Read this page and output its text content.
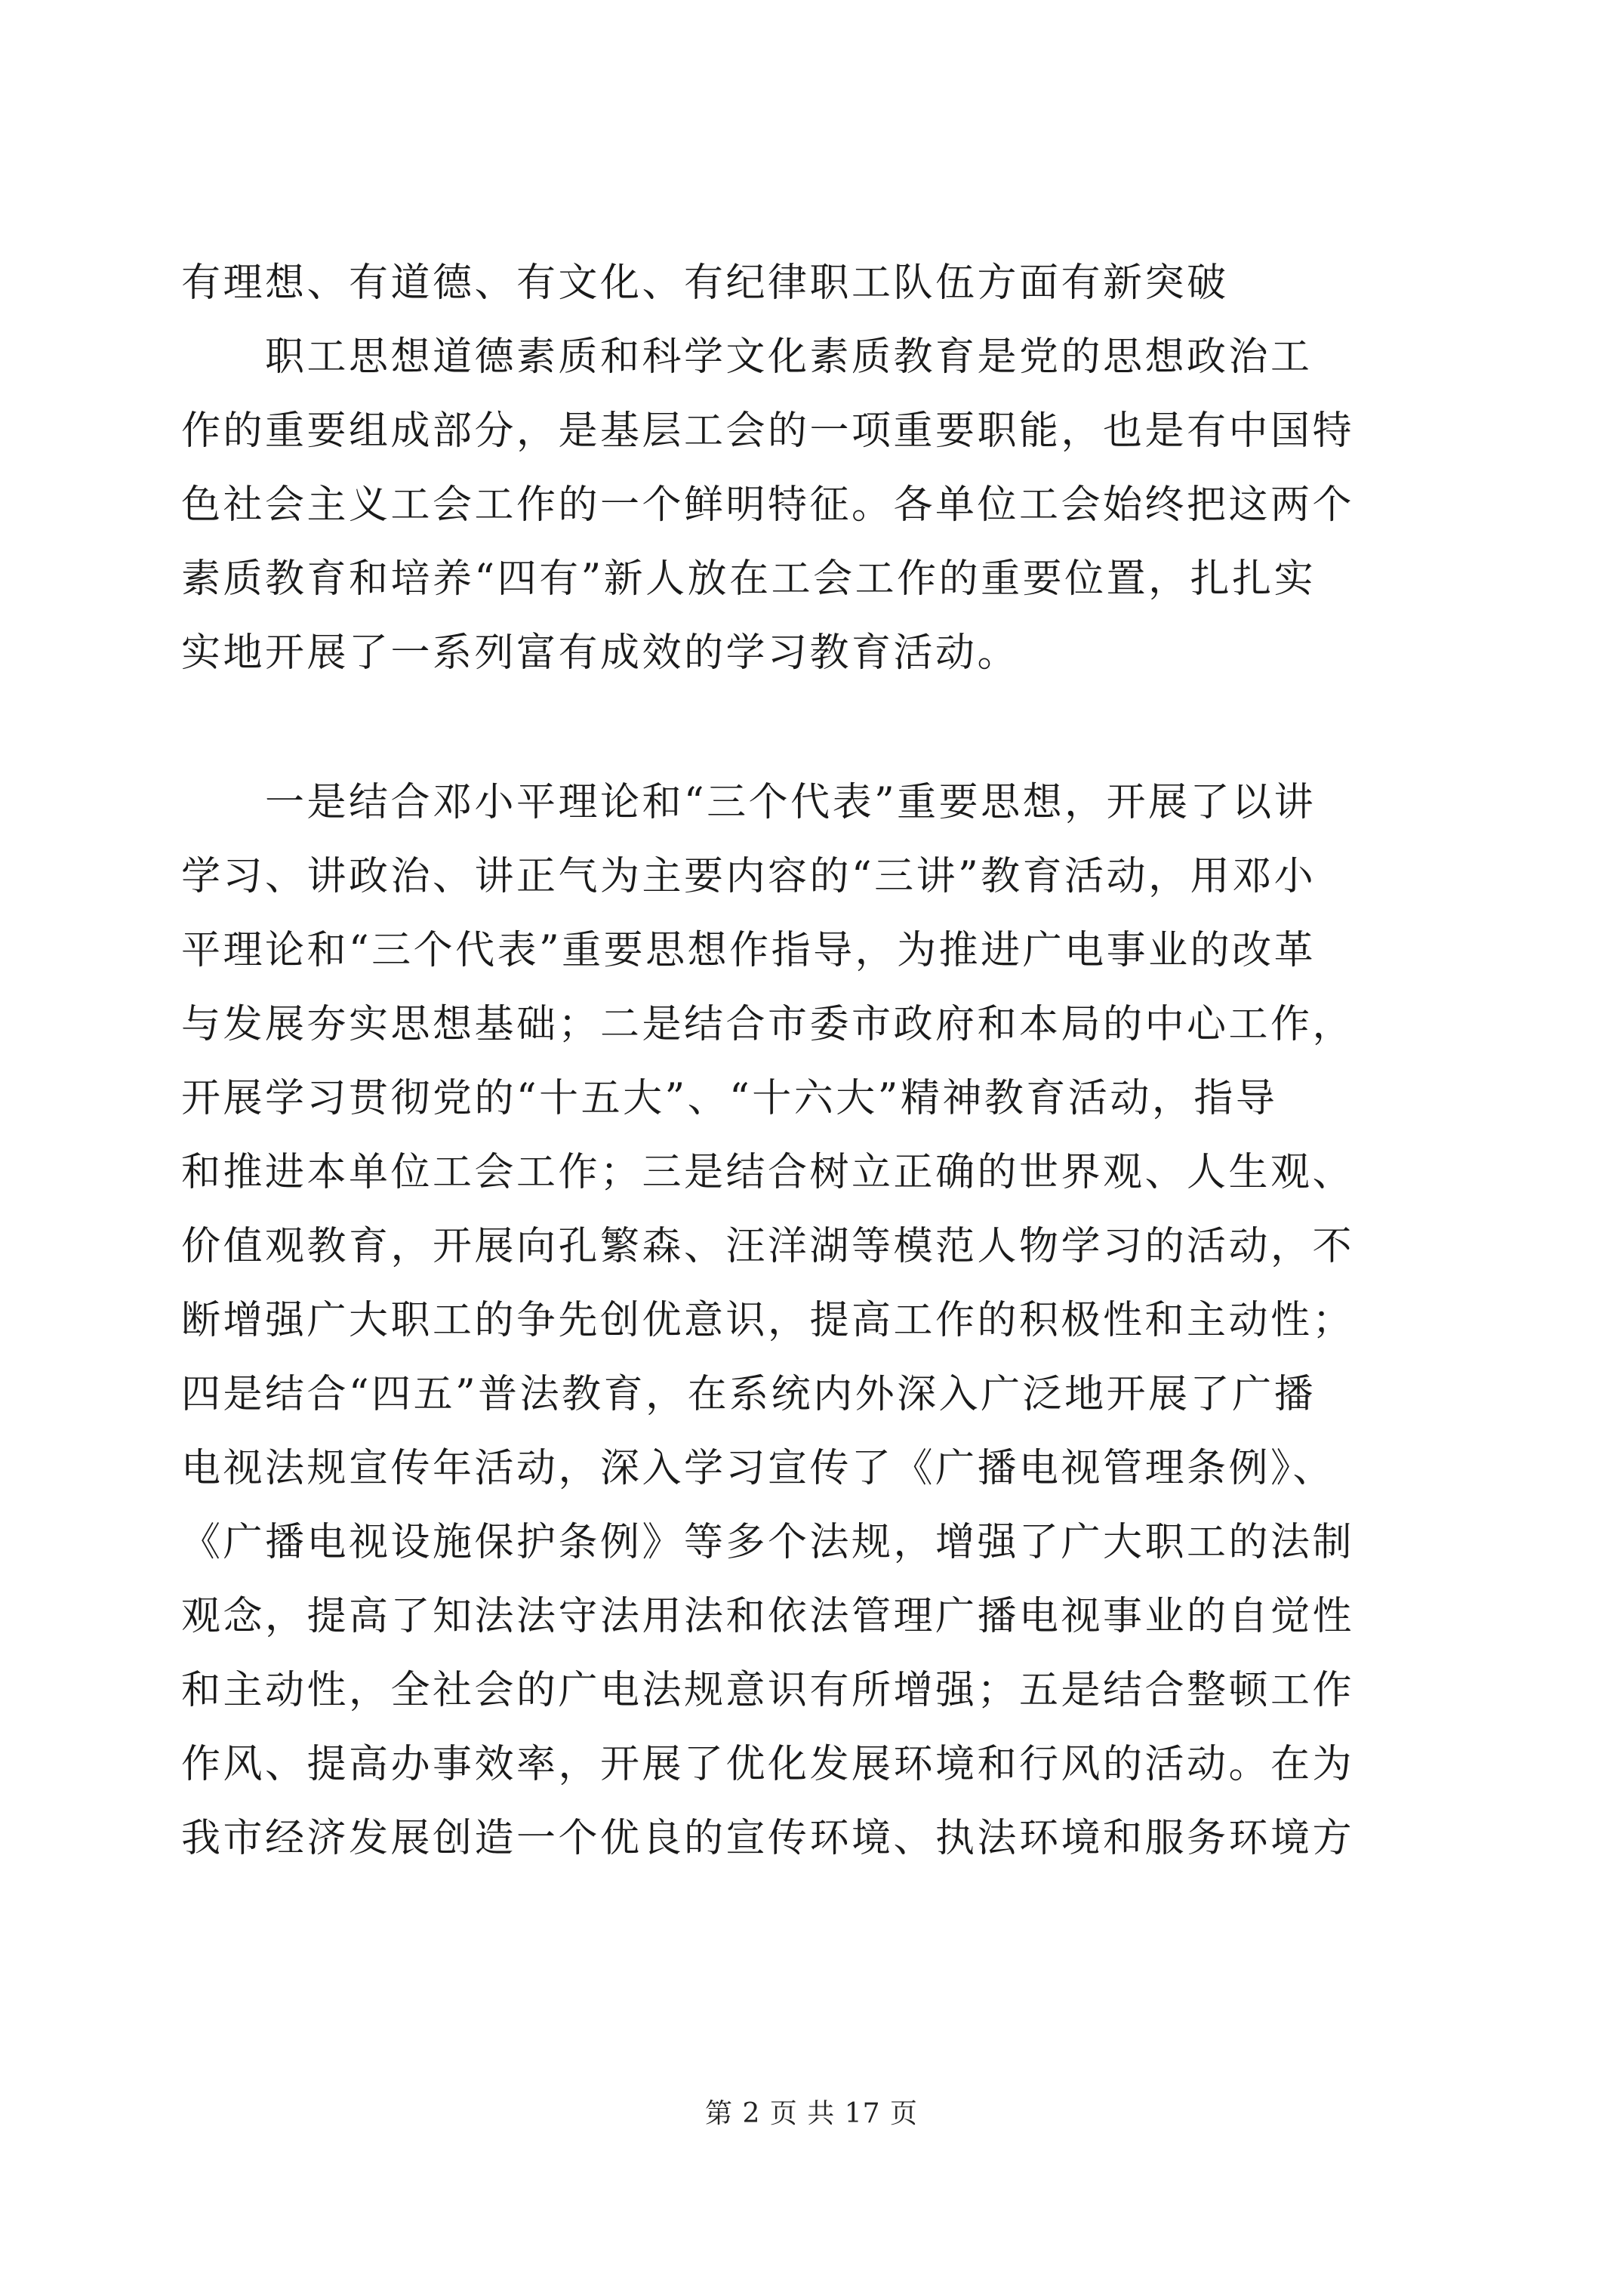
有理想、有道德、有文化、有纪律职工队伍方面有新突破
　　职工思想道德素质和科学文化素质教育是党的思想政治工
作的重要组成部分，是基层工会的一项重要职能，也是有中国特
色社会主义工会工作的一个鲜明特征。各单位工会始终把这两个
素质教育和培养“四有”新人放在工会工作的重要位置，扎扎实
实地开展了一系列富有成效的学习教育活动。
　　一是结合邓小平理论和“三个代表”重要思想，开展了以讲
学习、讲政治、讲正气为主要内容的“三讲”教育活动，用邓小
平理论和“三个代表”重要思想作指导，为推进广电事业的改革
与发展夯实思想基础；二是结合市委市政府和本局的中心工作，
开展学习贯彻党的“十五大”、“十六大”精神教育活动，指导
和推进本单位工会工作；三是结合树立正确的世界观、人生观、
价值观教育，开展向孔繁森、汪洋湖等模范人物学习的活动，不
断增强广大职工的争先创优意识，提高工作的积极性和主动性；
四是结合“四五”普法教育，在系统内外深入广泛地开展了广播
电视法规宣传年活动，深入学习宣传了《广播电视管理条例》、
《广播电视设施保护条例》等多个法规，增强了广大职工的法制
观念，提高了知法法守法用法和依法管理广播电视事业的自觉性
和主动性，全社会的广电法规意识有所增强；五是结合整顿工作
作风、提高办事效率，开展了优化发展环境和行风的活动。在为
我市经济发展创造一个优良的宣传环境、执法环境和服务环境方
第 2 页 共 17 页
